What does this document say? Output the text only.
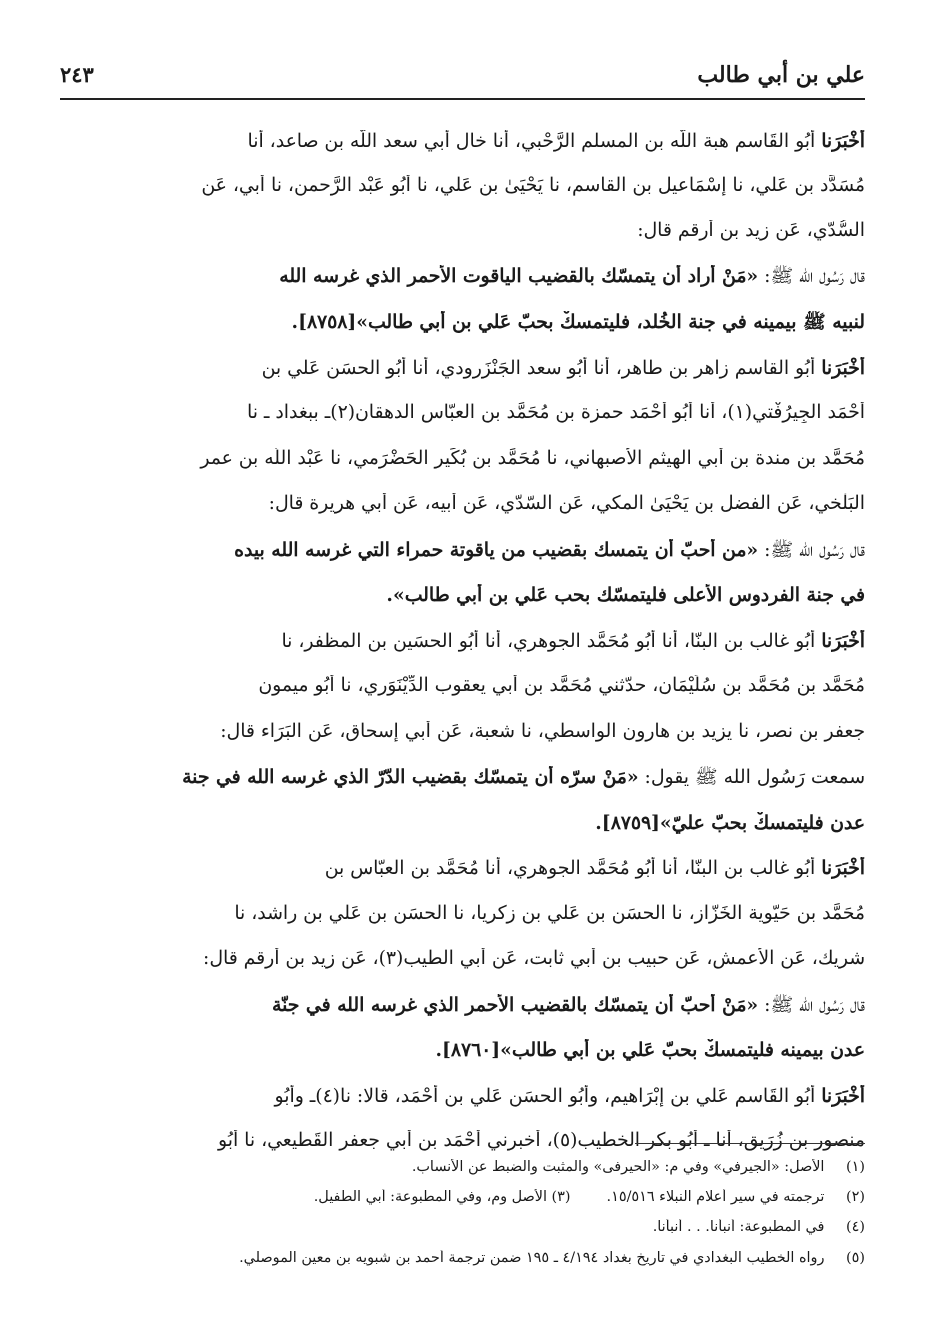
علي بن أبي طالب
٢٤٣
أخْبَرَنا أبُو القَاسم هبة اللّه بن المسلم الرَّحْبي، أنا خال أبي سعد اللّه بن صاعد، أنا
مُسَدَّد بن عَلي، نا إسْمَاعيل بن القاسم، نا يَحْيَىٰ بن عَلي، نا أبُو عَبْد الرَّحمن، نا أبي، عَن
السُّدّي، عَن زيد بن أرقم قال:
قال رَسُول الله ﷺ: «مَنْ أراد أن يتمسّك بالقضيب الياقوت الأحمر الذي غرسه الله
لنبيه ﷺ بيمينه في جنة الخُلد، فليتمسكْ بحبّ عَلي بن أبي طالب»[٨٧٥٨].
أخْبَرَنا أبُو القاسم زاهر بن طاهر، أنا أبُو سعد الجَنْزَرودي، أنا أبُو الحسَن عَلي بن
أحْمَد الجِيرُفْتي(١)، أنا أبُو أحْمَد حمزة بن مُحَمَّد بن العبّاس الدهقان(٢)ـ ببغداد ـ نا
مُحَمَّد بن مندة بن أبي الهيثم الأصبهاني، نا مُحَمَّد بن بُكَير الحَضْرَمي، نا عَبْد اللّه بن عمر
البَلْخي، عَن الفضل بن يَحْيَىٰ المكي، عَن السّدّي، عَن أبيه، عَن أبي هريرة قال:
قال رَسُول الله ﷺ: «من أحبّ أن يتمسك بقضيب من ياقوتة حمراء التي غرسه الله بيده
في جنة الفردوس الأعلى فليتمسّك بحب عَلي بن أبي طالب».
أخْبَرَنا أبُو غالب بن البنّا، أنا أبُو مُحَمَّد الجوهري، أنا أبُو الحسَين بن المظفر، نا
مُحَمَّد بن مُحَمَّد بن سُلَيْمَان، حدّثني مُحَمَّد بن أبي يعقوب الدِّيْنَوَري، نا أبُو ميمون
جعفر بن نصر، نا يزيد بن هارون الواسطي، نا شعبة، عَن أبي إسحاق، عَن البَرَاء قال:
سمعت رَسُول الله ﷺ يقول: «مَنْ سرّه أن يتمسّك بقضيب الدّرّ الذي غرسه الله في جنة
عدن فليتمسكْ بحبّ عليّ»[٨٧٥٩].
أخْبَرَنا أبُو غالب بن البنّا، أنا أبُو مُحَمَّد الجوهري، أنا مُحَمَّد بن العبّاس بن
مُحَمَّد بن حَيّوية الخَزّاز، نا الحسَن بن عَلي بن زكريا، نا الحسَن بن عَلي بن راشد، نا
شريك، عَن الأعمش، عَن حبيب بن أبي ثابت، عَن أبي الطيب(٣)، عَن زيد بن أرقم قال:
قال رَسُول الله ﷺ: «مَنْ أحبّ أن يتمسّك بالقضيب الأحمر الذي غرسه الله في جنّة
عدن بيمينه فليتمسكْ بحبّ عَلي بن أبي طالب»[٨٧٦٠].
أخْبَرَنا أبُو القَاسم عَلي بن إبْرَاهيم، وأبُو الحسَن عَلي بن أحْمَد، قالا: نا(٤)ـ وأبُو
منصور بن زُرَيق، أنا ـ أبُو بكر الخطيب(٥)، أخبرني أحْمَد بن أبي جعفر القَطيعي، نا أبُو
(١) الأصل: «الجيرفي» وفي م: «الحيرفى» والمثبت والضبط عن الأنساب.
(٢) ترجمته في سير أعلام النبلاء ١٥/٥١٦.(٣) الأصل وم، وفي المطبوعة: أبي الطفيل.
(٤) في المطبوعة: أنبأنا. . . أنبأنا.
(٥) رواه الخطيب البغدادي في تاريخ بغداد ٤/١٩٤ ـ ١٩٥ ضمن ترجمة أحمد بن شبويه بن معين الموصلي.
